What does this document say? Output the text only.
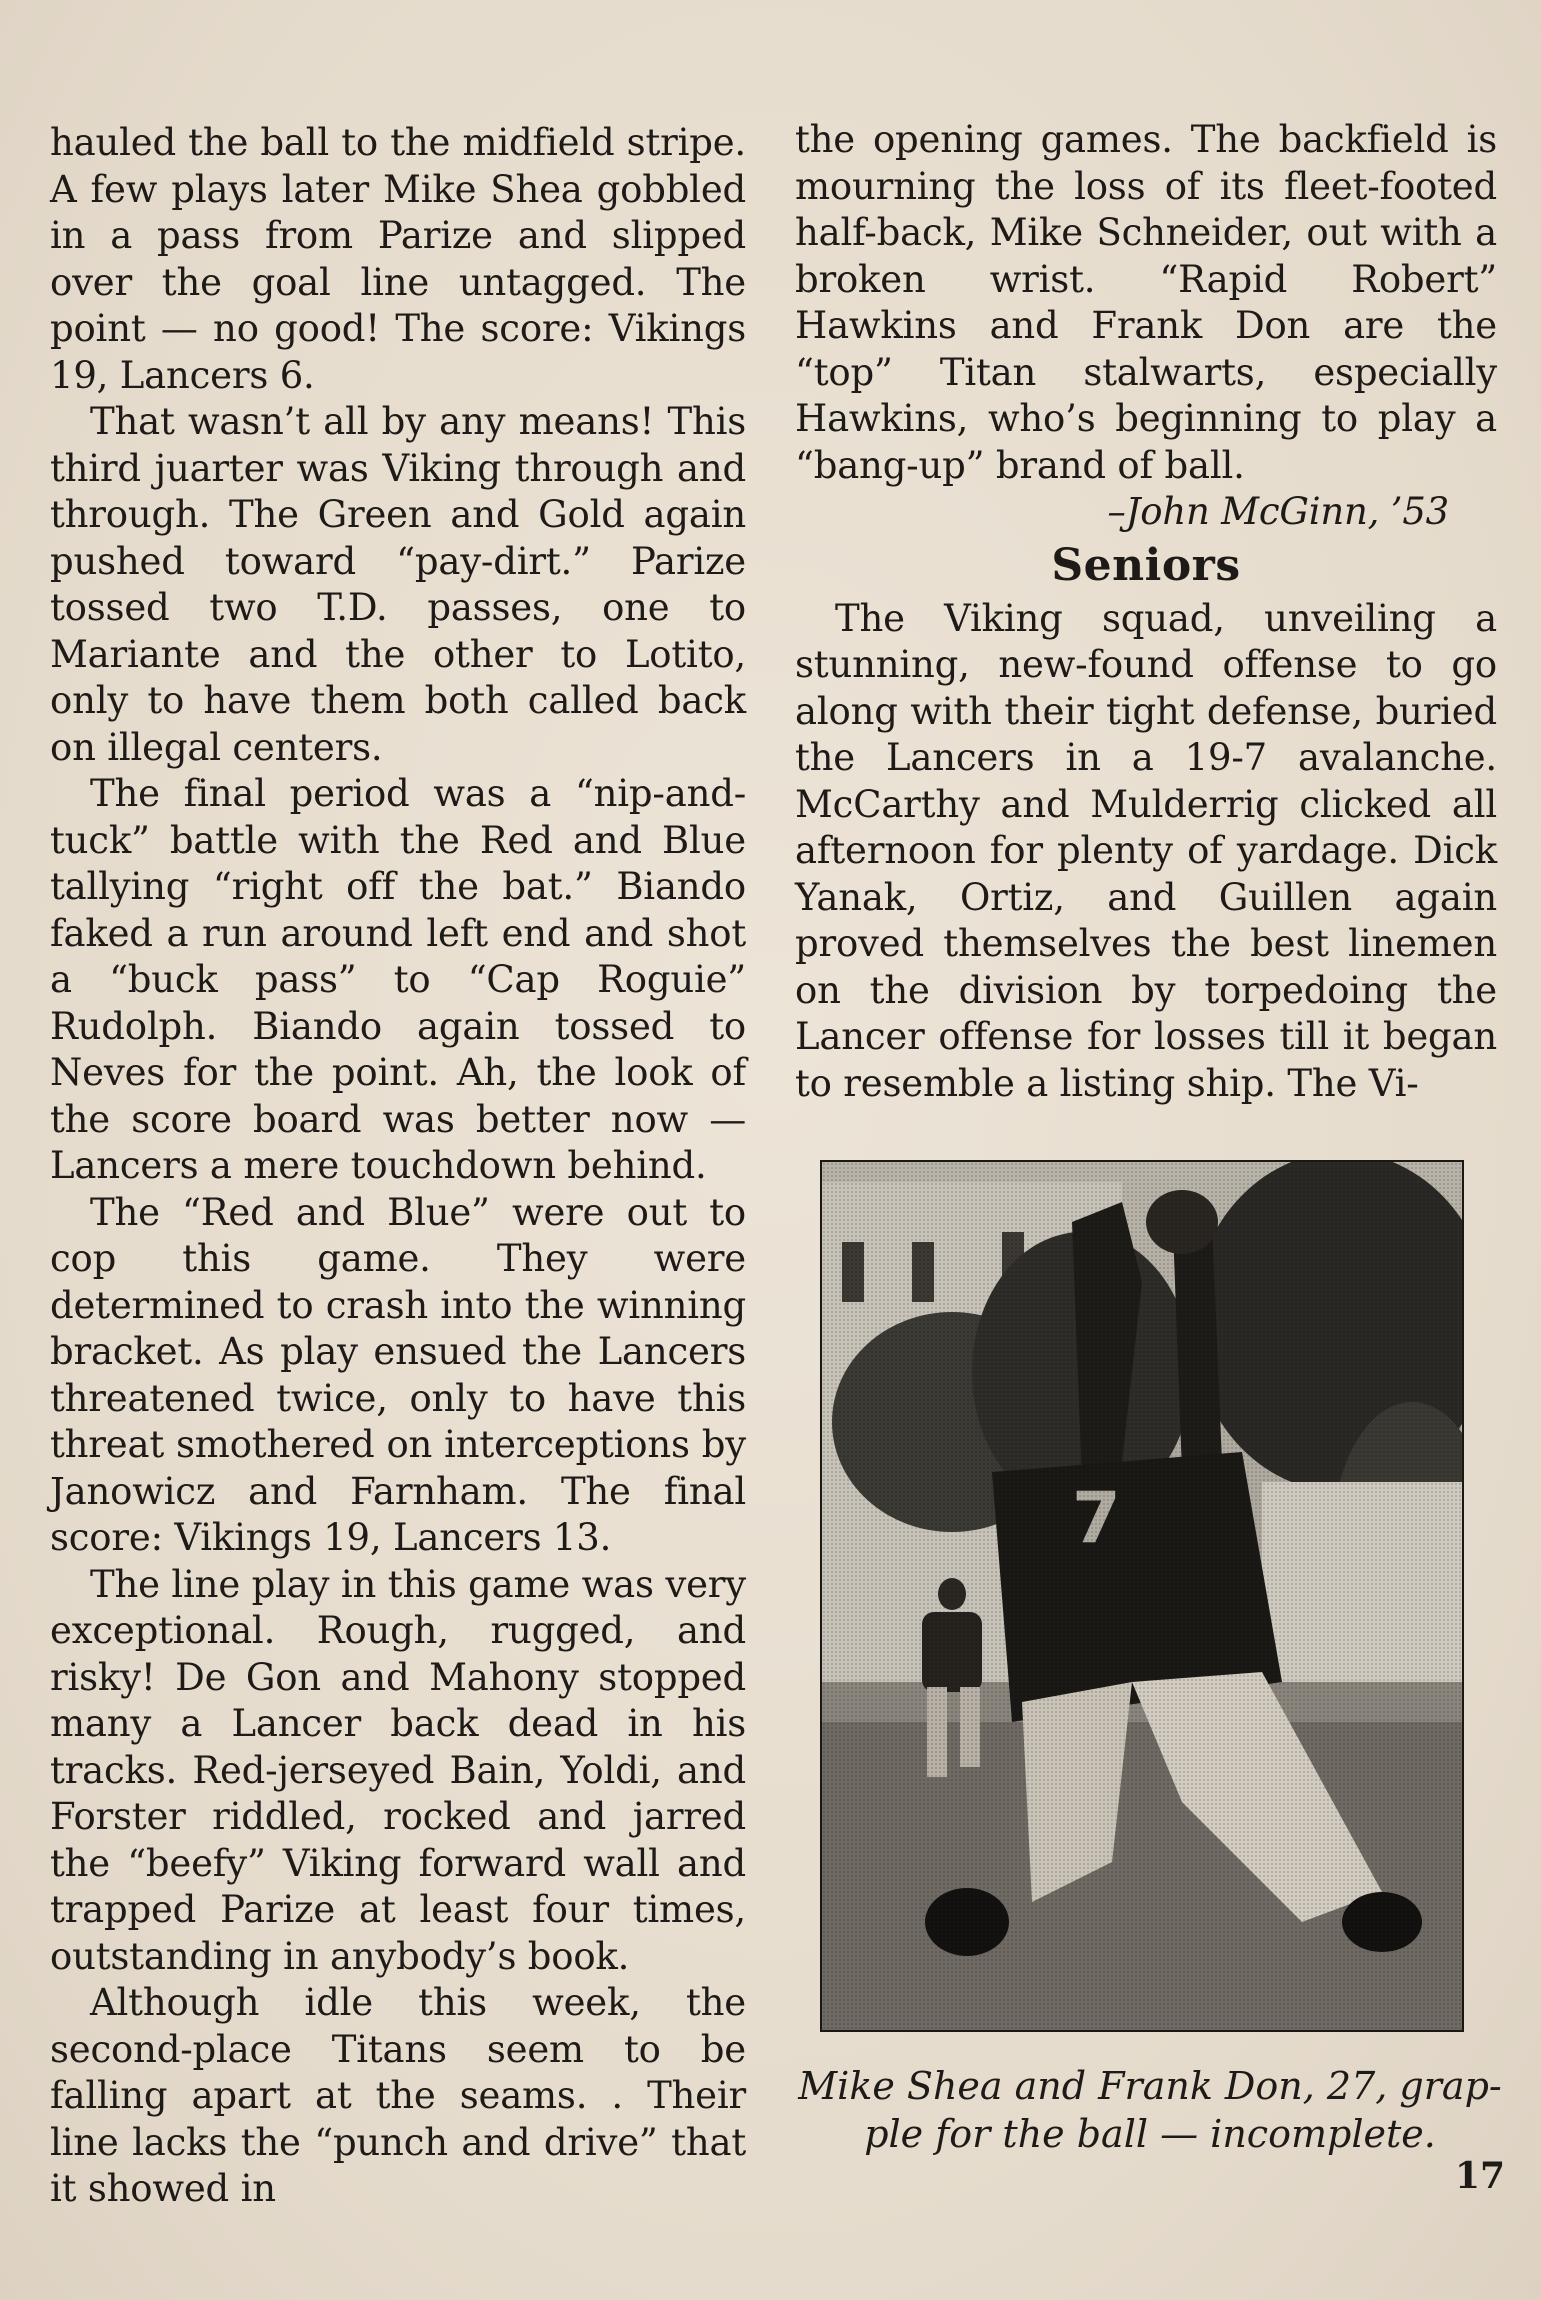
hauled the ball to the midfield stripe. A few plays later Mike Shea gobbled in a pass from Parize and slipped over the goal line untagged. The point — no good! The score: Vikings 19, Lancers 6.

That wasn’t all by any means! This third juarter was Viking through and through. The Green and Gold again pushed toward “pay-dirt.” Parize tossed two T.D. passes, one to Mariante and the other to Lotito, only to have them both called back on illegal centers.

The final period was a “nip-and-tuck” battle with the Red and Blue tallying “right off the bat.” Biando faked a run around left end and shot a “buck pass” to “Cap Roguie” Rudolph. Biando again tossed to Neves for the point. Ah, the look of the score board was better now — Lancers a mere touchdown behind.

The “Red and Blue” were out to cop this game. They were determined to crash into the winning bracket. As play ensued the Lancers threatened twice, only to have this threat smothered on interceptions by Janowicz and Farnham. The final score: Vikings 19, Lancers 13.

The line play in this game was very exceptional. Rough, rugged, and risky! De Gon and Mahony stopped many a Lancer back dead in his tracks. Red-jerseyed Bain, Yoldi, and Forster riddled, rocked and jarred the “beefy” Viking forward wall and trapped Parize at least four times, outstanding in anybody’s book.

Although idle this week, the second-place Titans seem to be falling apart at the seams. . Their line lacks the “punch and drive” that it showed in

the opening games. The backfield is mourning the loss of its fleet-footed half-back, Mike Schneider, out with a broken wrist. “Rapid Robert” Hawkins and Frank Don are the “top” Titan stalwarts, especially Hawkins, who’s beginning to play a “bang-up” brand of ball.

–John McGinn, ’53

Seniors

The Viking squad, unveiling a stunning, new-found offense to go along with their tight defense, buried the Lancers in a 19-7 avalanche. McCarthy and Mulderrig clicked all afternoon for plenty of yardage. Dick Yanak, Ortiz, and Guillen again proved themselves the best linemen on the division by torpedoing the Lancer offense for losses till it began to resemble a listing ship. The Vi-

Mike Shea and Frank Don, 27, grap-
ple for the ball — incomplete.
17
